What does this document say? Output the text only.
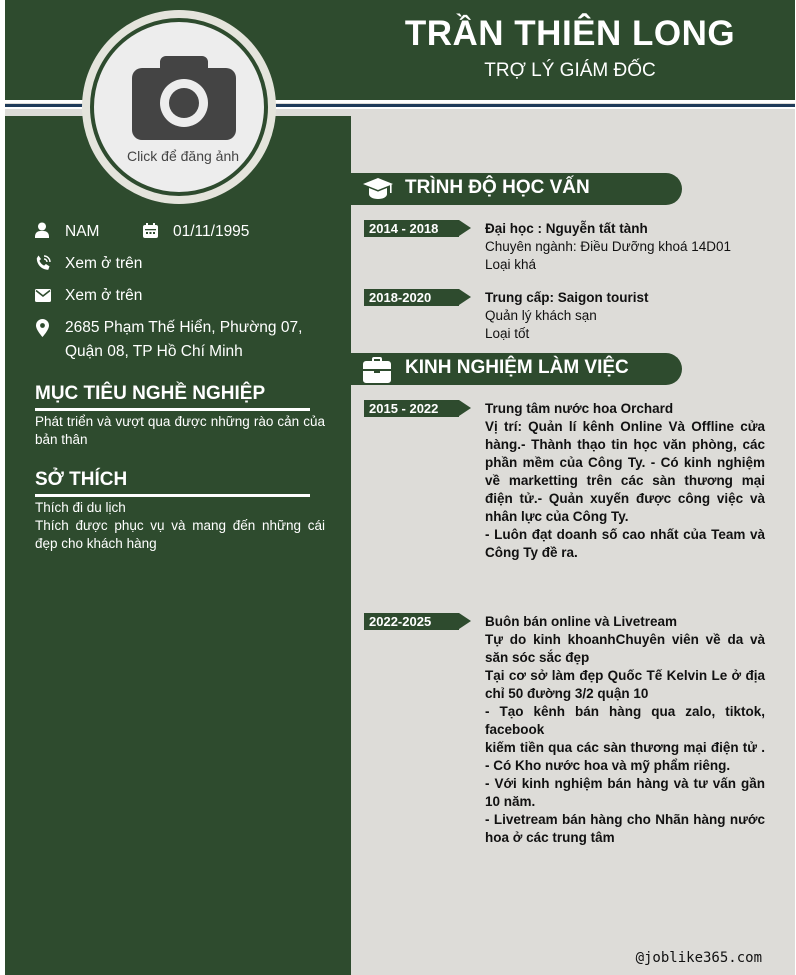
TRẦN THIÊN LONG
TRỢ LÝ GIÁM ĐỐC
Click để đăng ảnh
NAM	01/11/1995
Xem ở trên
Xem ở trên
2685 Phạm Thế Hiển, Phường 07,
Quận 08, TP Hồ Chí Minh
MỤC TIÊU NGHỀ NGHIỆP
Phát triển và vượt qua được những rào cản của bản thân
SỞ THÍCH
Thích đi du lịch
Thích được phục vụ và mang đến những cái đẹp cho khách hàng
TRÌNH ĐỘ HỌC VẤN
2014 - 2018	Đại học : Nguyễn tất tành
Chuyên ngành: Điều Dưỡng khoá 14D01
Loại khá
2018-2020	Trung cấp: Saigon tourist
Quản lý khách sạn
Loại tốt
KINH NGHIỆM LÀM VIỆC
2015 - 2022	Trung tâm nước hoa Orchard
Vị trí: Quản lí kênh Online Và Offline cửa hàng.- Thành thạo tin học văn phòng, các phần mềm của Công Ty. - Có kinh nghiệm về marketting trên các sàn thương mại điện tử.- Quản xuyến được công việc và nhân lực của Công Ty.
- Luôn đạt doanh số cao nhất của Team và Công Ty đề ra.
2022-2025	Buôn bán online và Livetream
Tự do kinh khoanhChuyên viên về da và săn sóc sắc đẹp
Tại cơ sở làm đẹp Quốc Tế Kelvin Le ở địa chỉ 50 đường 3/2 quận 10
- Tạo kênh bán hàng qua zalo, tiktok, facebook
kiếm tiền qua các sàn thương mại điện tử . - Có Kho nước hoa và mỹ phẩm riêng.
- Với kinh nghiệm bán hàng và tư vấn gần 10 năm.
- Livetream bán hàng cho Nhãn hàng nước hoa ở các trung tâm
@joblike365.com
